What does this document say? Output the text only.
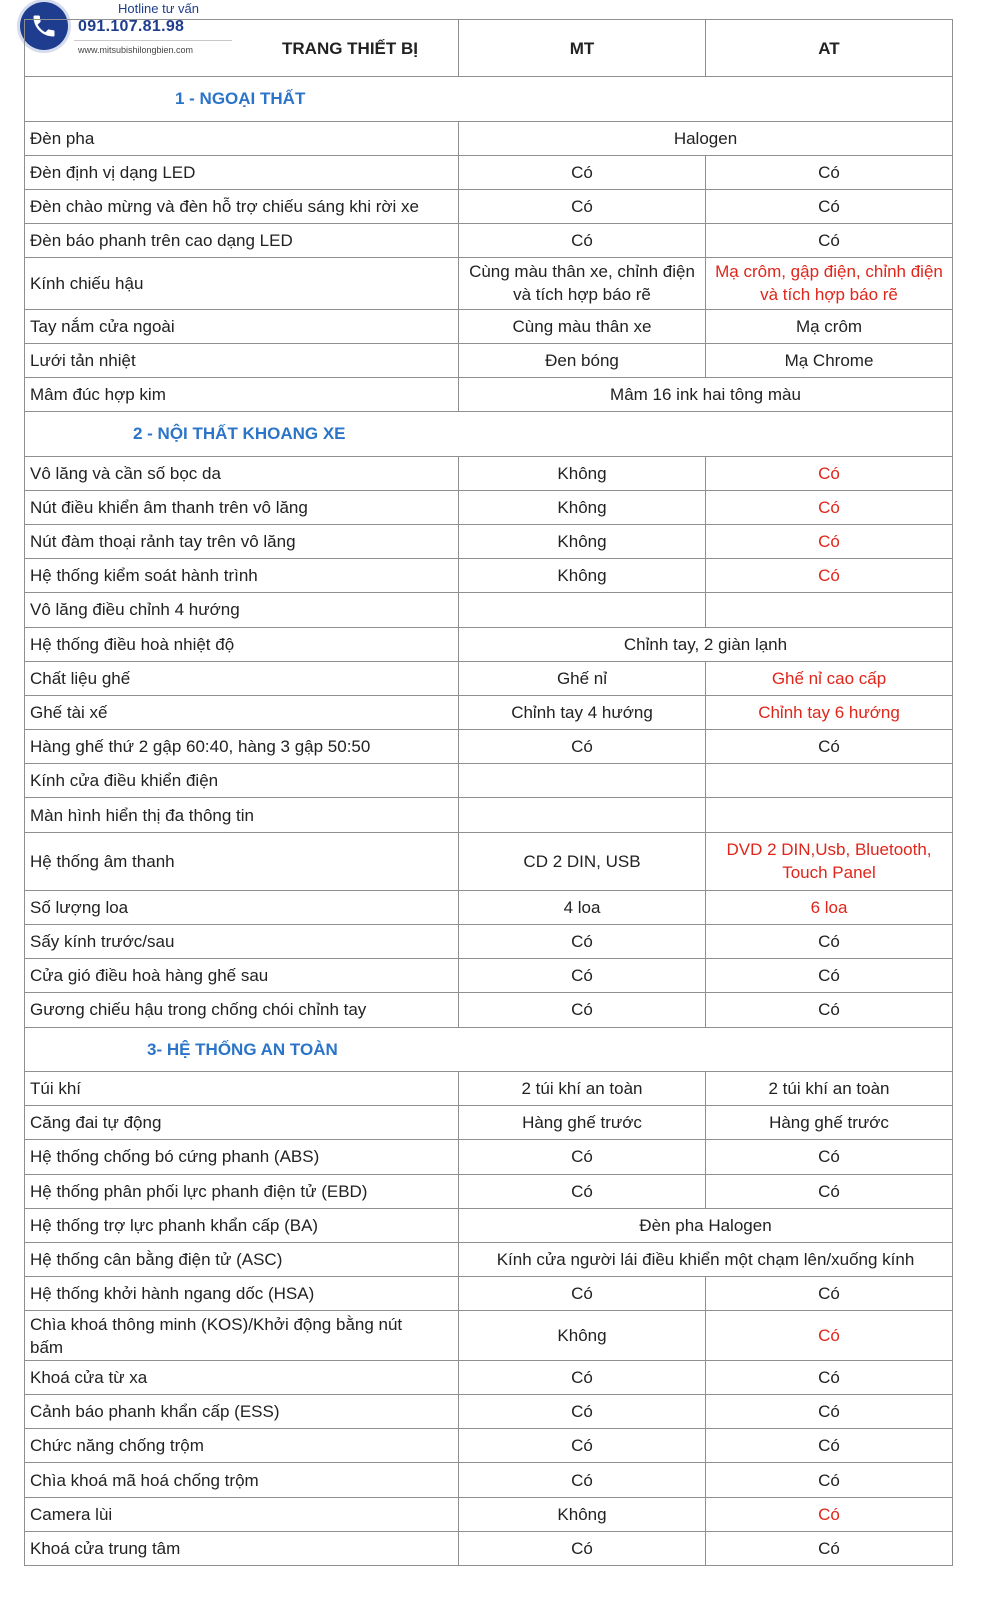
Hotline tư vấn
091.107.81.98
www.mitsubishilongbien.com	TRANG THIẾT BỊ	MT	AT
1 - NGOẠI THẤT		
Đèn pha	Halogen	
Đèn định vị dạng LED	Có	Có
Đèn chào mừng và đèn hỗ trợ chiếu sáng khi rời xe	Có	Có
Đèn báo phanh trên cao dạng LED	Có	Có
Kính chiếu hậu	Cùng màu thân xe, chỉnh điện và tích hợp báo rẽ	Mạ crôm, gập điện, chỉnh điện và tích hợp báo rẽ
Tay nắm cửa ngoài	Cùng màu thân xe	Mạ crôm
Lưới tản nhiệt	Đen bóng	Mạ Chrome
Mâm đúc hợp kim	Mâm 16 ink hai tông màu	
2 - NỘI THẤT KHOANG XE		
Vô lăng và cần số bọc da	Không	Có
Nút điều khiển âm thanh trên vô lăng	Không	Có
Nút đàm thoại rảnh tay trên vô lăng	Không	Có
Hệ thống kiểm soát hành trình	Không	Có
Vô lăng điều chỉnh 4 hướng		
Hệ thống điều hoà nhiệt độ	Chỉnh tay, 2 giàn lạnh	
Chất liệu ghế	Ghế nỉ	Ghế nỉ cao cấp
Ghế tài xế	Chỉnh tay 4 hướng	Chỉnh tay 6 hướng
Hàng ghế thứ 2 gập 60:40, hàng 3 gập 50:50	Có	Có
Kính cửa điều khiển điện		
Màn hình hiển thị đa thông tin		
Hệ thống âm thanh	CD 2 DIN, USB	DVD 2 DIN,Usb, Bluetooth, Touch Panel
Số lượng loa	4 loa	6 loa
Sấy kính trước/sau	Có	Có
Cửa gió điều hoà hàng ghế sau	Có	Có
Gương chiếu hậu trong chống chói chỉnh tay	Có	Có
3- HỆ THỐNG AN TOÀN		
Túi khí	2 túi khí an toàn	2 túi khí an toàn
Căng đai tự động	Hàng ghế trước	Hàng ghế trước
Hệ thống chống bó cứng phanh (ABS)	Có	Có
Hệ thống phân phối lực phanh điện tử (EBD)	Có	Có
Hệ thống trợ lực phanh khẩn cấp (BA)	Đèn pha Halogen	
Hệ thống cân bằng điện tử (ASC)	Kính cửa người lái điều khiển một chạm lên/xuống kính	
Hệ thống khởi hành ngang dốc (HSA)	Có	Có
Chìa khoá thông minh (KOS)/Khởi động bằng nút bấm	Không	Có
Khoá cửa từ xa	Có	Có
Cảnh báo phanh khẩn cấp (ESS)	Có	Có
Chức năng chống trộm	Có	Có
Chìa khoá mã hoá chống trộm	Có	Có
Camera lùi	Không	Có
Khoá cửa trung tâm	Có	Có
